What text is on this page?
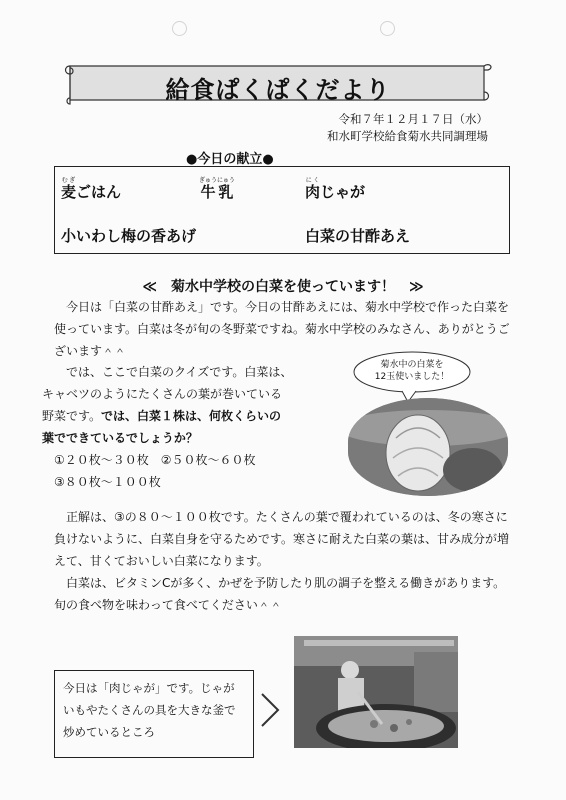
給食ぱくぱくだより
令和７年１２月１７日（水）
和水町学校給食菊水共同調理場
●今日の献立●
麦むぎごはん	牛乳ぎゅうにゅう
肉にくじゃが
小いわし梅の香あげ	白菜の甘酢あえ
≪　菊水中学校の白菜を使っています！　≫
今日は「白菜の甘酢あえ」です。今日の甘酢あえには、菊水中学校で作った白菜を使っています。白菜は冬が旬の冬野菜ですね。菊水中学校のみなさん、ありがとうございます＾＾
では、ここで白菜のクイズです。白菜は、
キャベツのようにたくさんの葉が巻いている
野菜です。では、白菜１株は、何枚くらいの
葉でできているでしょうか？
①２０枚～３０枚　 ②５０枚～６０枚
③８０枚～１００枚
菊水中の白菜を
12玉使いました！
正解は、③の８０～１００枚です。たくさんの葉で覆われているのは、冬の寒さに負けないように、白菜自身を守るためです。寒さに耐えた白菜の葉は、甘み成分が増えて、甘くておいしい白菜になります。
白菜は、ビタミンCが多く、かぜを予防したり肌の調子を整える働きがあります。旬の食べ物を味わって食べてください＾＾
今日は「肉じゃが」です。じゃがいもやたくさんの具を大きな釜で炒めているところ
